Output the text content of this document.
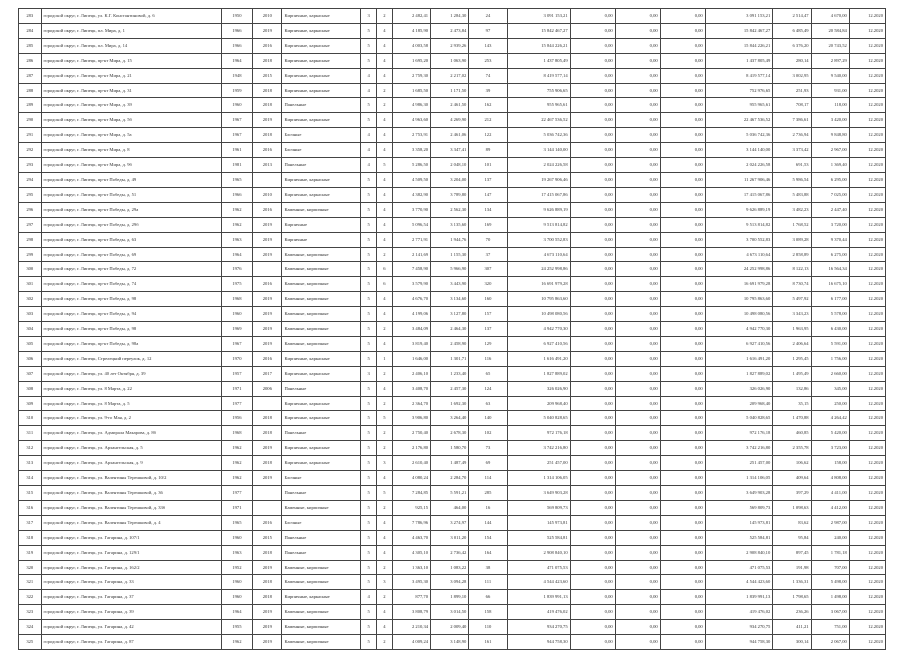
283	городской округ, г. Липецк, ул. К.Г. Константиновой, д. 6	1950	2010	Кирпичные, каркасные	3	2	2 482,41	1 284,30	24	3 091 153,21	0,00	0,00	0,00	3 091 153,21	2 514,47	4 670,00	12.2020
284	городской округ, г. Липецк, пл. Мира, д. 1	1966	2019	Кирпичные, каркасные	5	4	4 185,90	2 473,84	97	15 842 467,27	0,00	0,00	0,00	15 842 467,27	6 485,49	20 584,84	12.2020
285	городской округ, г. Липецк, пл. Мира, д. 14	1966	2016	Кирпичные, каркасные	5	4	4 003,58	2 939,26	143	15 844 226,21	0,00	0,00	0,00	15 844 226,21	6 376,20	20 743,52	12.2020
286	городской округ, г. Липецк, пр-кт Мира, д. 15	1964	2018	Кирпичные, каркасные	5	4	1 695,20	1 063,90	253	1 437 805,49	0,00	0,00	0,00	1 437 805,49	280,14	2 897,29	12.2020
287	городской округ, г. Липецк, пр-кт Мира, д. 21	1948	2015	Кирпичные, каркасные	4	4	2 759,30	2 217,02	74	8 419 577,14	0,00	0,00	0,00	8 419 577,14	3 002,95	9 540,00	12.2020
288	городской округ, г. Липецк, пр-кт Мира, д. 31	1959	2018	Кирпичные, каркасные	4	2	1 685,50	1 171,50	39	755 906,65	0,00	0,00	0,00	752 976,65	251,93	931,00	12.2020
289	городской округ, г. Липецк, пр-кт Мира, д. 39	1960	2018	Панельные	5	2	4 986,30	2 461,50	162	955 965,61	0,00	0,00	0,00	955 965,61	708,17	118,00	12.2020
290	городской округ, г. Липецк, пр-кт Мира, д. 5б	1967	2019	Кирпичные, каркасные	5	4	4 963,60	4 269,90	212	22 467 536,52	0,00	0,00	0,00	22 467 536,52	7 386,61	3 420,00	12.2020
291	городской округ, г. Липецк, пр-кт Мира, д. 5а	1967	2018	Блочные	4	4	2 753,91	2 461,06	122	5 036 742,36	0,00	0,00	0,00	5 036 742,36	2 736,94	9 848,80	12.2020
292	городской округ, г. Липецк, пр-кт Мира, д. 8	1961	2016	Блочные	4	4	3 358,20	3 347,41	89	3 144 140,00	0,00	0,00	0,00	3 144 140,00	3 373,42	2 967,00	12.2020
293	городской округ, г. Липецк, пр-кт Мира, д. 9б	1981	2013	Панельные	4	5	5 286,50	2 048,10	101	2 024 226,58	0,00	0,00	0,00	2 024 226,58	691,53	1 369,40	12.2020
294	городской округ, г. Липецк, пр-кт Победы, д. 49	1965		Кирпичные, каркасные	5	4	4 509,50	3 204,00	137	19 267 906,46	0,00	0,00	0,00	11 267 906,46	5 986,54	6 295,00	12.2020
295	городской округ, г. Липецк, пр-кт Победы, д. 51	1966	2010	Кирпичные, каркасные	5	4	4 382,90	3 789,80	147	17 415 067,86	0,00	0,00	0,00	17 415 067,86	5 483,88	7 025,00	12.2020
296	городской округ, г. Липецк, пр-кт Победы, д. 29а	1962	2016	Каменные, кирпичные	5	4	3 770,90	2 562,30	134	9 626 889,19	0,00	0,00	0,00	9 626 889,19	3 482,23	2 447,40	12.2020
297	городской округ, г. Липецк, пр-кт Победы, д. 29б	1962	2019	Кирпичные	5	4	5 096,54	3 135,60	169	9 513 814,82	0,00	0,00	0,00	9 513 814,82	1 768,52	3 720,00	12.2020
298	городской округ, г. Липецк, пр-кт Победы, д. 63	1963	2019	Кирпичные	5	4	2 771,91	1 944,76	70	3 700 552,83	0,00	0,00	0,00	3 700 552,83	3 089,28	9 370,44	12.2020
299	городской округ, г. Липецк, пр-кт Победы, д. 69	1964	2019	Каменные, кирпичные	5	2	2 141,69	1 155,30	37	4 673 110,64	0,00	0,00	0,00	4 673 110,64	2 858,89	6 275,00	12.2020
300	городской округ, г. Липецк, пр-кт Победы, д. 72	1976		Каменные, кирпичные	5	6	7 458,90	5 966,90	307	24 252 998,86	0,00	0,00	0,00	24 252 998,86	8 122,13	16 564,34	12.2020
301	городской округ, г. Липецк, пр-кт Победы, д. 74	1975	2016	Каменные, кирпичные	5	6	3 579,90	3 443,90	320	16 691 979,28	0,00	0,00	0,00	16 691 979,28	8 730,74	16 675,10	12.2020
302	городской округ, г. Липецк, пр-кт Победы, д. 98	1968	2019	Каменные, кирпичные	5	4	4 676,70	3 134,60	160	10 795 863,60	0,00	0,00	0,00	10 795 863,60	5 497,92	6 177,00	12.2020
303	городской округ, г. Липецк, пр-кт Победы, д. 94	1960	2019	Каменные, кирпичные	5	4	4 199,06	3 127,80	157	10 498 080,56	0,00	0,00	0,00	10 498 080,56	3 343,23	5 578,00	12.2020
304	городской округ, г. Липецк, пр-кт Победы, д. 98	1969	2019	Каменные, кирпичные	5	2	3 484,09	2 464,30	137	4 942 770,30	0,00	0,00	0,00	4 942 770,30	1 963,95	6 430,00	12.2020
305	городской округ, г. Липецк, пр-кт Победы, д. 98а	1967	2019	Каменные, кирпичные	5	4	3 819,40	2 458,90	129	6 927 410,56	0,00	0,00	0,00	6 927 410,56	2 406,64	5 591,00	12.2020
306	городской округ, г. Липецк, Стрелецкий переулок, д. 12	1970	2016	Кирпичные, каркасные	5	1	1 646,00	1 301,71	116	1 616 491,20	0,00	0,00	0,00	1 616 491,20	1 295,45	1 756,00	12.2020
307	городской округ, г. Липецк, ул. 40 лет Октября, д. 39	1957	2017	Кирпичные, каркасные	3	2	2 406,10	1 233,40	65	1 827 889,02	0,00	0,00	0,00	1 827 889,02	1 495,49	2 660,00	12.2020
308	городской округ, г. Липецк, ул. 8 Марта, д. 22	1971	2006	Панельные	5	4	3 408,70	2 457,30	124	326 026,90	0,00	0,00	0,00	326 026,90	132,86	345,00	12.2020
309	городской округ, г. Липецк, ул. 8 Марта, д. 5	1977		Кирпичные, каркасные	5	2	2 364,70	1 692,30	63	209 968,40	0,00	0,00	0,00	209 968,40	35,15	250,00	12.2020
310	городской округ, г. Липецк, ул. 9-го Мая, д. 2	1956	2018	Кирпичные, каркасные	5	5	3 906,80	3 264,40	140	5 040 828,65	0,00	0,00	0,00	5 040 828,65	1 470,88	4 264,42	12.2020
311	городской округ, г. Липецк, ул. Адмирала Макарова, д. 8б	1968	2018	Панельные	5	2	2 750,40	2 678,30	102	972 176,18	0,00	0,00	0,00	972 176,18	460,85	5 420,00	12.2020
312	городской округ, г. Липецк, ул. Архангельская, д. 5	1962	2019	Кирпичные, каркасные	5	2	2 176,80	1 580,70	73	3 742 216,80	0,00	0,00	0,00	3 742 216,80	2 355,78	3 723,00	12.2020
313	городской округ, г. Липецк, ул. Архангельская, д. 9	1962	2018	Кирпичные, каркасные	5	3	2 610,40	1 487,49	69	251 457,00	0,00	0,00	0,00	251 457,00	106,62	158,00	12.2020
314	городской округ, г. Липецк, ул. Валентины Терешковой, д. 10/2	1962	2019	Блочные	5	4	4 080,24	2 284,70	114	1 314 106,05	0,00	0,00	0,00	1 314 106,05	409,64	4 808,00	12.2020
315	городской округ, г. Липецк, ул. Валентины Терешковой, д. 36	1977		Панельные	5	5	7 284,85	5 591,21	285	3 649 903,28	0,00	0,00	0,00	3 649 903,28	397,29	4 411,00	12.2020
316	городской округ, г. Липецк, ул. Валентины Терешковой, д. 33б	1971		Каменные, кирпичные	5	2	925,15	464,00	16	569 809,73	0,00	0,00	0,00	569 809,73	1 098,63	4 412,00	12.2020
317	городской округ, г. Липецк, ул. Валентины Терешковой, д. 4	1965	2016	Блочные	5	4	7 786,96	3 274,97	144	145 973,81	0,00	0,00	0,00	145 973,81	83,62	2 987,00	12.2020
318	городской округ, г. Липецк, ул. Гагарина, д. 107/1	1960	2015	Панельные	5	4	4 463,70	3 011,20	154	525 584,81	0,00	0,00	0,00	525 584,81	95,84	240,00	12.2020
319	городской округ, г. Липецк, ул. Гагарина, д. 129/1	1963	2018	Панельные	5	4	4 305,10	2 736,42	164	2 908 840,10	0,00	0,00	0,00	2 908 840,10	897,45	1 781,18	12.2020
320	городской округ, г. Липецк, ул. Гагарина, д. 162/2	1952	2019	Каменные, кирпичные	5	2	1 363,10	1 083,22	38	471 075,53	0,00	0,00	0,00	471 075,53	191,98	707,00	12.2020
321	городской округ, г. Липецк, ул. Гагарина, д. 33	1960	2018	Каменные, кирпичные	5	3	3 495,30	3 094,28	111	4 544 423,60	0,00	0,00	0,00	4 544 423,60	1 336,31	5 498,00	12.2020
322	городской округ, г. Липецк, ул. Гагарина, д. 37	1960	2018	Кирпичные, каркасные	4	2	877,70	1 899,10	66	1 839 991,13	0,00	0,00	0,00	1 839 991,13	1 798,65	1 498,00	12.2020
323	городской округ, г. Липецк, ул. Гагарина, д. 39	1964	2019	Каменные, кирпичные	5	4	3 808,79	3 014,50	158	419 476,02	0,00	0,00	0,00	419 476,02	236,26	3 067,00	12.2020
324	городской округ, г. Липецк, ул. Гагарина, д. 42	1955	2019	Каменные, кирпичные	5	4	2 210,34	2 009,40	110	934 270,75	0,00	0,00	0,00	934 270,75	411,21	751,00	12.2020
325	городской округ, г. Липецк, ул. Гагарина, д. 87	1962	2019	Каменные, кирпичные	5	2	4 009,24	3 148,90	161	944 758,30	0,00	0,00	0,00	944 758,30	300,14	2 067,00	12.2020
